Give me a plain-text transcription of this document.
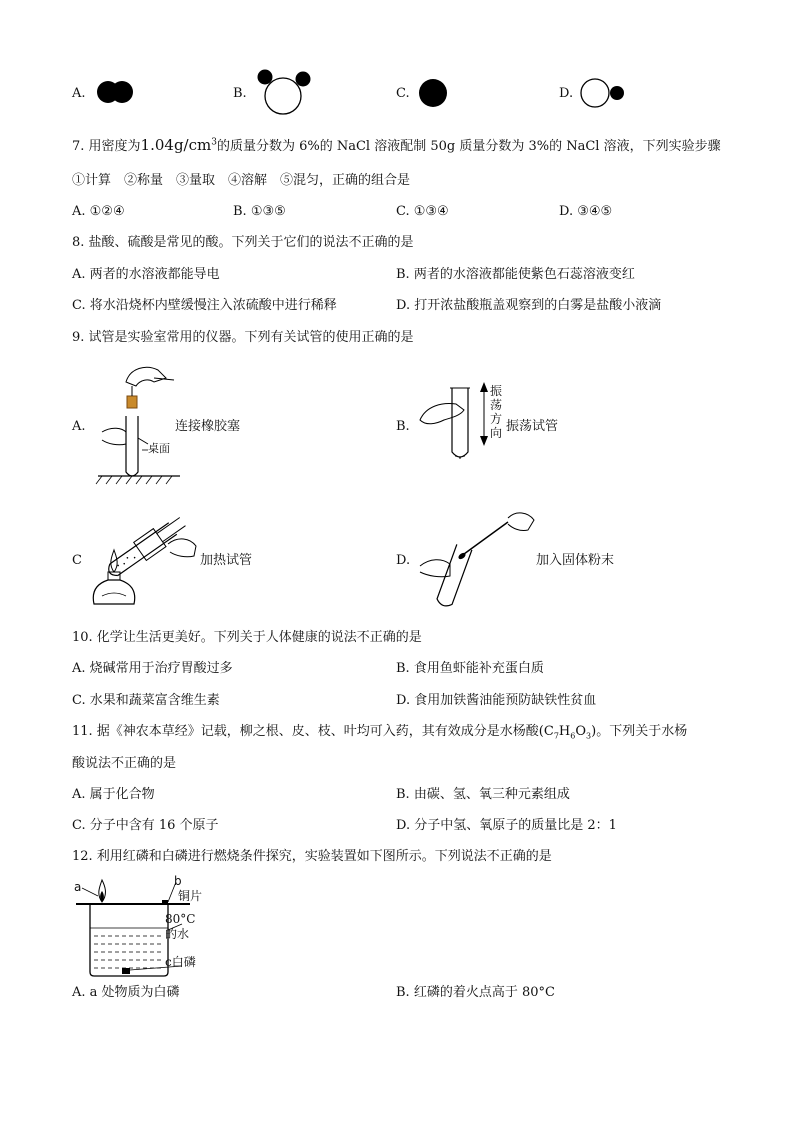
A.	B.	C.	D.
7. 用密度为$1.04g/cm^3$的质量分数为 6%的 NaCl 溶液配制 50g 质量分数为 3%的 NaCl 溶液，下列实验步骤
①计算　②称量　③量取　④溶解　⑤混匀，正确的组合是
A. ①②④	B. ①③⑤	C. ①③④	D. ③④⑤
8. 盐酸、硫酸是常见的酸。下列关于它们的说法不正确的是
A. 两者的水溶液都能导电	B. 两者的水溶液都能使紫色石蕊溶液变红
C. 将水沿烧杯内壁缓慢注入浓硫酸中进行稀释	D. 打开浓盐酸瓶盖观察到的白雾是盐酸小液滴
9. 试管是实验室常用的仪器。下列有关试管的使用正确的是
A.
桌面
连接橡胶塞	B.
振
荡
方
向 振荡试管
C	加热试管	D.	加入固体粉末
10. 化学让生活更美好。下列关于人体健康的说法不正确的是
A. 烧碱常用于治疗胃酸过多	B. 食用鱼虾能补充蛋白质
C. 水果和蔬菜富含维生素	D. 食用加铁酱油能预防缺铁性贫血
11. 据《神农本草经》记载，柳之根、皮、枝、叶均可入药，其有效成分是水杨酸$(C_7H_6O_3)$。下列关于水杨
酸说法不正确的是
A. 属于化合物	B. 由碳、氢、氧三种元素组成
C. 分子中含有 16 个原子	D. 分子中氢、氧原子的质量比是 2：1
12. 利用红磷和白磷进行燃烧条件探究，实验装置如下图所示。下列说法不正确的是
a	b
铜片
80°C
的水
c白磷
A. a 处物质为白磷	B. 红磷的着火点高于 80°C
